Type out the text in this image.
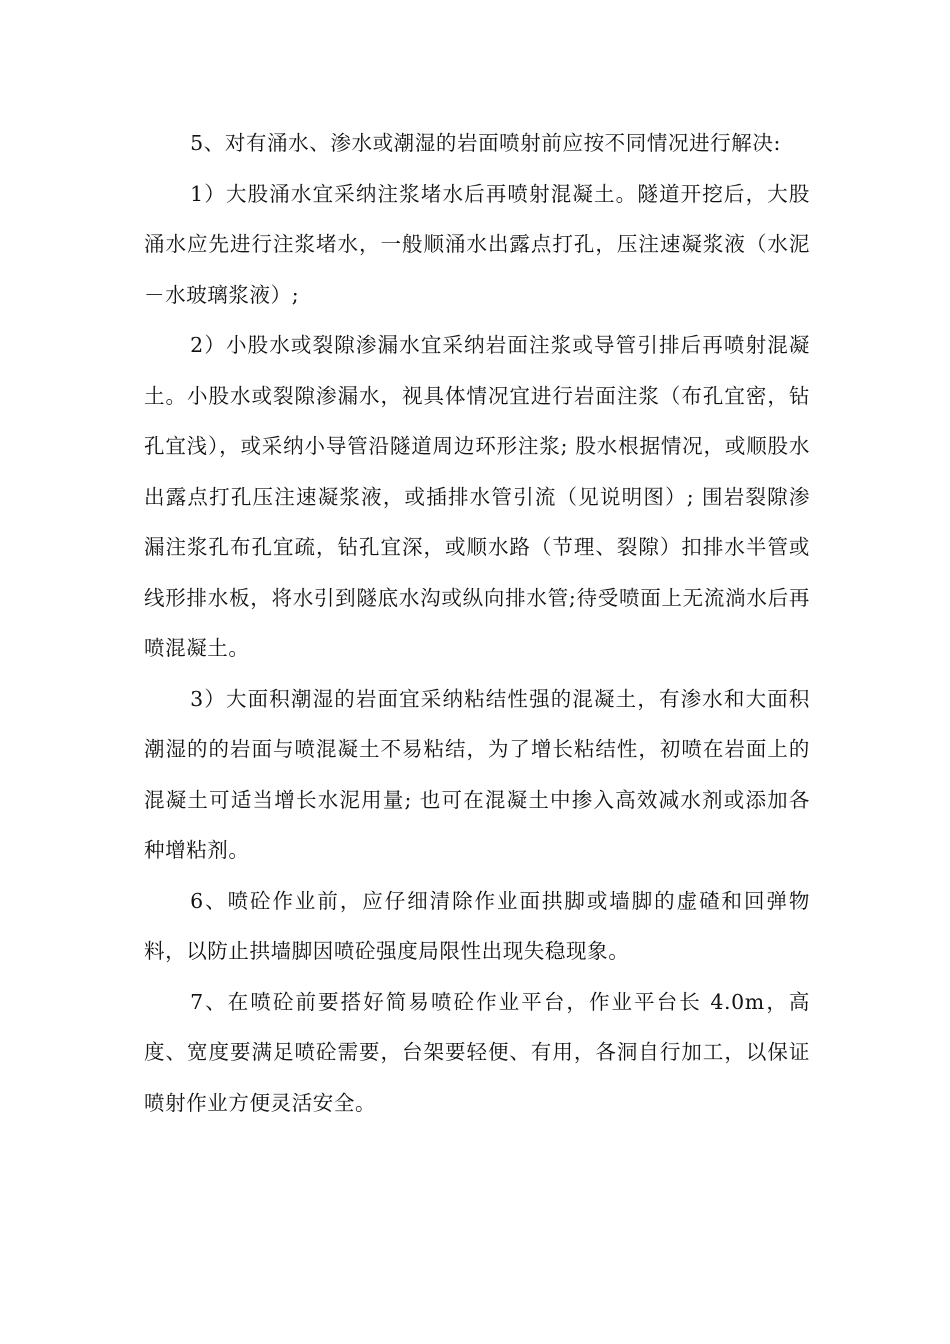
5、对有涌水、渗水或潮湿的岩面喷射前应按不同情况进行解决:

1）大股涌水宜采纳注浆堵水后再喷射混凝土。隧道开挖后，大股涌水应先进行注浆堵水，一般顺涌水出露点打孔，压注速凝浆液（水泥－水玻璃浆液）;

2）小股水或裂隙渗漏水宜采纳岩面注浆或导管引排后再喷射混凝土。小股水或裂隙渗漏水，视具体情况宜进行岩面注浆（布孔宜密，钻孔宜浅），或采纳小导管沿隧道周边环形注浆; 股水根据情况，或顺股水出露点打孔压注速凝浆液，或插排水管引流（见说明图）; 围岩裂隙渗漏注浆孔布孔宜疏，钻孔宜深，或顺水路（节理、裂隙）扣排水半管或线形排水板，将水引到隧底水沟或纵向排水管;待受喷面上无流淌水后再喷混凝土。

3）大面积潮湿的岩面宜采纳粘结性强的混凝土，有渗水和大面积潮湿的的岩面与喷混凝土不易粘结，为了增长粘结性，初喷在岩面上的混凝土可适当增长水泥用量; 也可在混凝土中掺入高效减水剂或添加各种增粘剂。

6、喷砼作业前，应仔细清除作业面拱脚或墙脚的虚碴和回弹物料，以防止拱墙脚因喷砼强度局限性出现失稳现象。

7、在喷砼前要搭好简易喷砼作业平台，作业平台长 4.0m，高度、宽度要满足喷砼需要，台架要轻便、有用，各洞自行加工，以保证喷射作业方便灵活安全。
